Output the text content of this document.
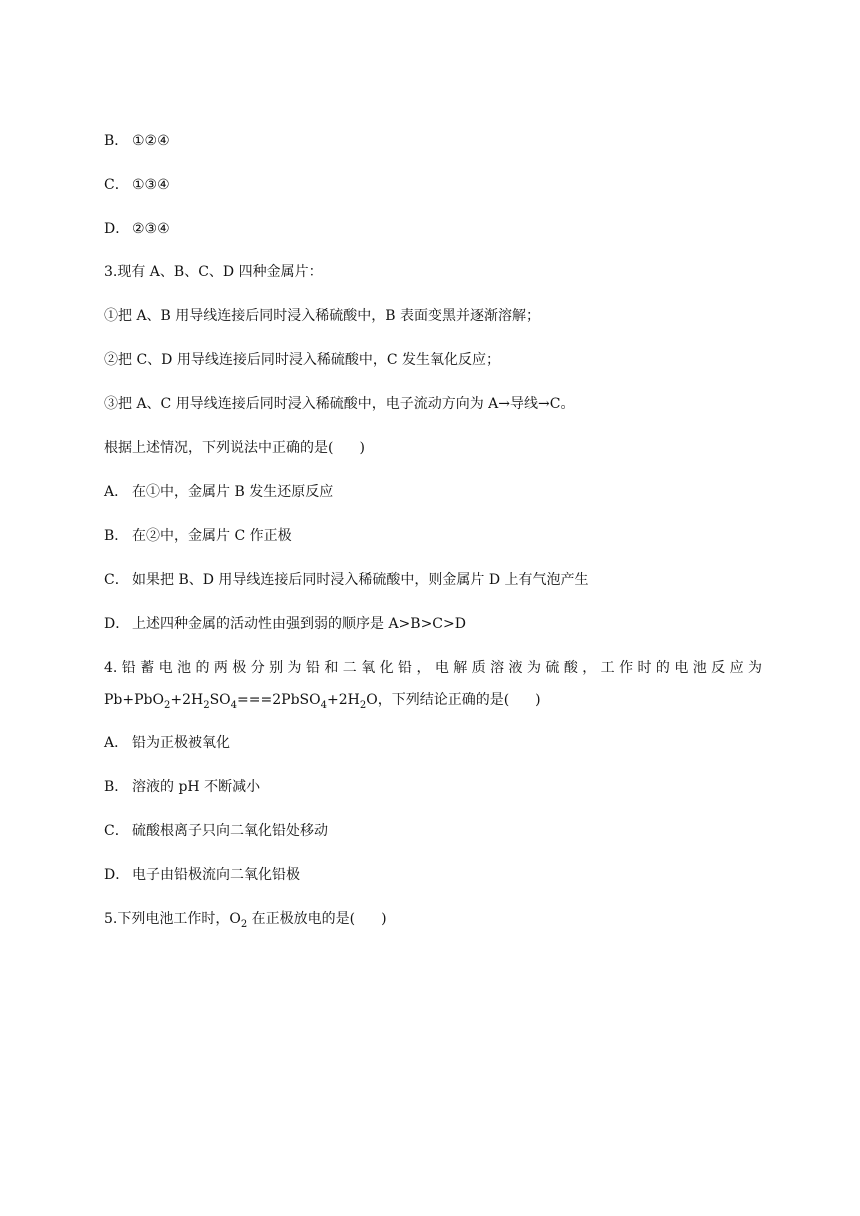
B． ①②④
C． ①③④
D． ②③④
3.现有 A、B、C、D 四种金属片：
①把 A、B 用导线连接后同时浸入稀硫酸中，B 表面变黑并逐渐溶解；
②把 C、D 用导线连接后同时浸入稀硫酸中，C 发生氧化反应；
③把 A、C 用导线连接后同时浸入稀硫酸中，电子流动方向为 A→导线→C。
根据上述情况，下列说法中正确的是( )
A． 在①中，金属片 B 发生还原反应
B． 在②中，金属片 C 作正极
C． 如果把 B、D 用导线连接后同时浸入稀硫酸中，则金属片 D 上有气泡产生
D． 上述四种金属的活动性由强到弱的顺序是 A>B>C>D
4.铅蓄电池的两极分别为铅和二氧化铅，电解质溶液为硫酸，工作时的电池反应为
$Pb+PbO_2+2H_2SO_4===2PbSO_4+2H_2O$，下列结论正确的是( )
A． 铅为正极被氧化
B． 溶液的 pH 不断减小
C． 硫酸根离子只向二氧化铅处移动
D． 电子由铅极流向二氧化铅极
5.下列电池工作时，$O_2$ 在正极放电的是( )
